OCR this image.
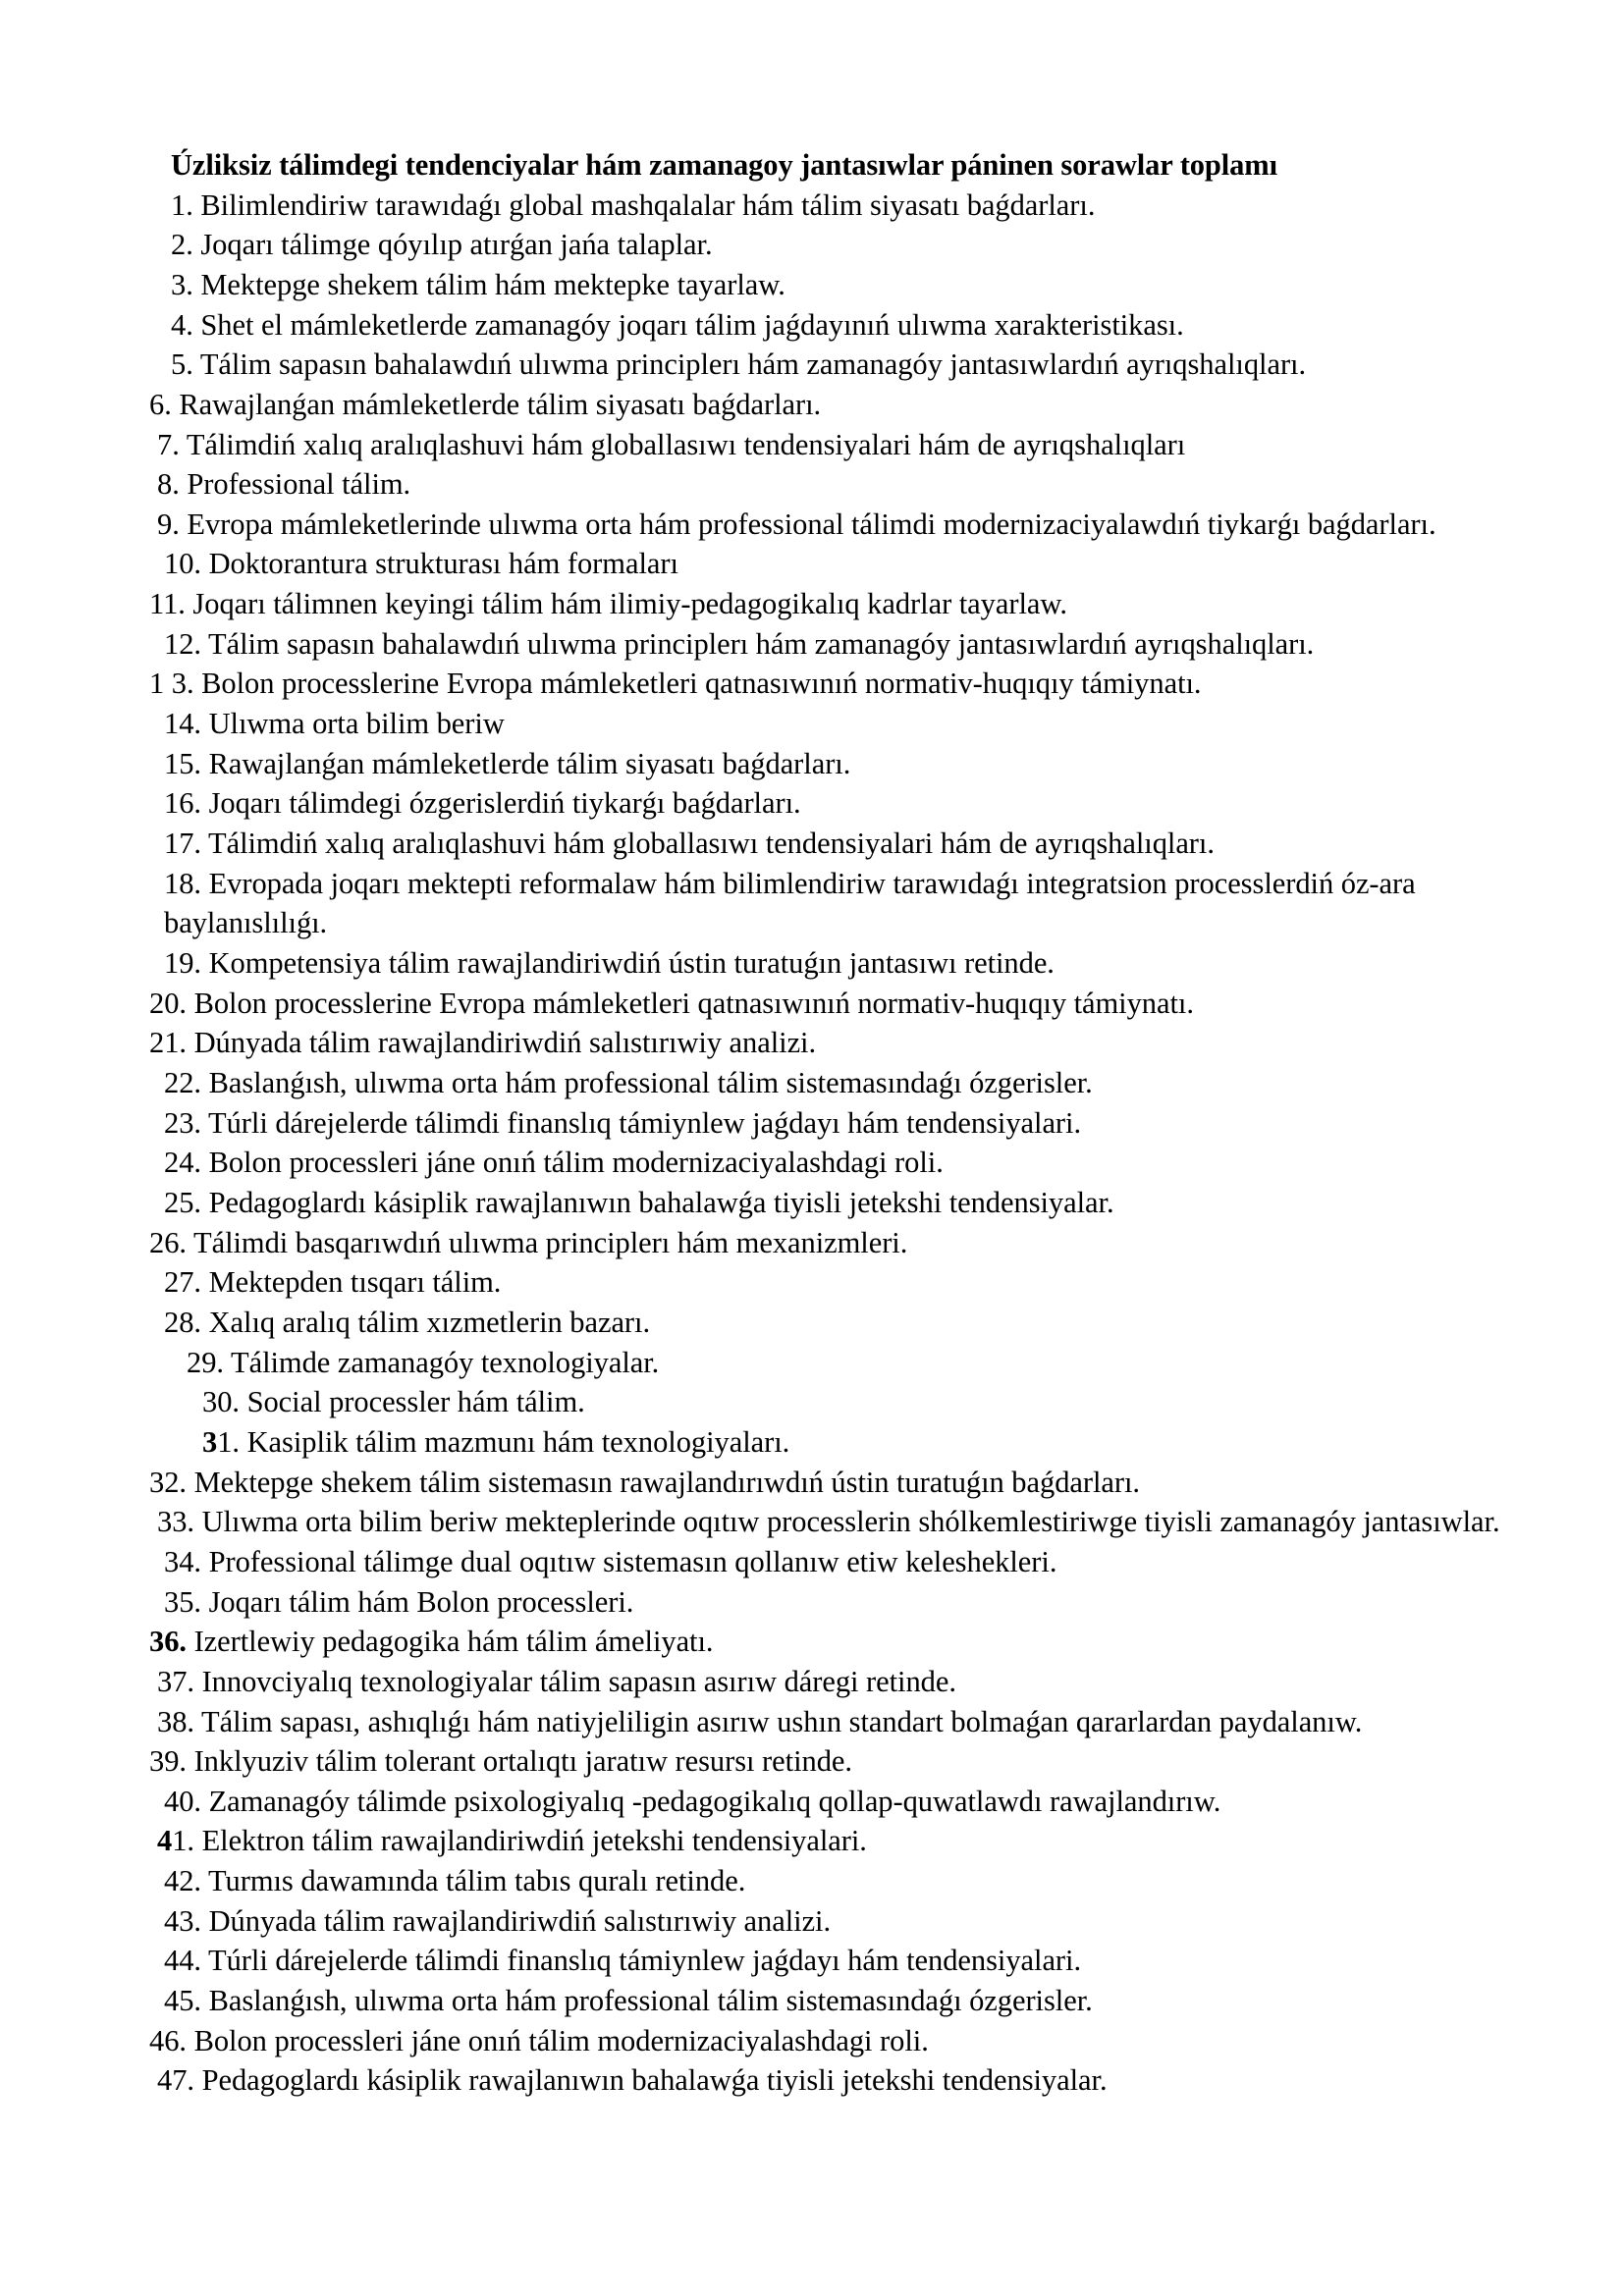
Úzliksiz tálimdegi tendenciyalar hám zamanagoy jantasıwlar páninen sorawlar toplamı
1. Bilimlendiriw tarawıdaǵı global mashqalalar hám tálim siyasatı baǵdarları.
2. Joqarı tálimge qóyılıp atırǵan jańa talaplar.
3. Mektepge shekem tálim hám mektepke tayarlaw.
4. Shet el mámleketlerde zamanagóy joqarı tálim jaǵdayınıń ulıwma xarakteristikası.
5. Tálim sapasın bahalawdıń ulıwma principlerı hám zamanagóy jantasıwlardıń ayrıqshalıqları.
6. Rawajlanǵan mámleketlerde tálim siyasatı baǵdarları.
7. Tálimdiń xalıq aralıqlashuvi hám globallasıwı tendensiyalari hám de ayrıqshalıqları
8. Professional tálim.
9. Evropa mámleketlerinde ulıwma orta hám professional tálimdi modernizaciyalawdıń tiykarǵı baǵdarları.
10. Doktorantura strukturası hám formaları
11. Joqarı tálimnen keyingi tálim hám ilimiy-pedagogikalıq kadrlar tayarlaw.
12. Tálim sapasın bahalawdıń ulıwma principlerı hám zamanagóy jantasıwlardıń ayrıqshalıqları.
1 3. Bolon processlerine Evropa mámleketleri qatnasıwınıń normativ-huqıqıy támiynatı.
14. Ulıwma orta bilim beriw
15. Rawajlanǵan mámleketlerde tálim siyasatı baǵdarları.
16. Joqarı tálimdegi ózgerislerdiń tiykarǵı baǵdarları.
17. Tálimdiń xalıq aralıqlashuvi hám globallasıwı tendensiyalari hám de ayrıqshalıqları.
18. Evropada joqarı mektepti reformalaw hám bilimlendiriw tarawıdaǵı integratsion processlerdiń óz-ara baylanıslılıǵı.
19. Kompetensiya tálim rawajlandiriwdiń ústin turatuǵın jantasıwı retinde.
20. Bolon processlerine Evropa mámleketleri qatnasıwınıń normativ-huqıqıy támiynatı.
21. Dúnyada tálim rawajlandiriwdiń salıstırıwiy analizi.
22. Baslanǵısh, ulıwma orta hám professional tálim sistemasındaǵı ózgerisler.
23. Túrli dárejelerde tálimdi finanslıq támiynlew jaǵdayı hám tendensiyalari.
24. Bolon processleri jáne onıń tálim modernizaciyalashdagi roli.
25. Pedagoglardı kásiplik rawajlanıwın bahalawǵa tiyisli jetekshi tendensiyalar.
26. Tálimdi basqarıwdıń ulıwma principlerı hám mexanizmleri.
27. Mektepden tısqarı tálim.
28. Xalıq aralıq tálim xızmetlerin bazarı.
29. Tálimde zamanagóy texnologiyalar.
30. Social processler hám tálim.
31. Kasiplik tálim mazmunı hám texnologiyaları.
32. Mektepge shekem tálim sistemasın rawajlandırıwdıń ústin turatuǵın baǵdarları.
33. Ulıwma orta bilim beriw mekteplerinde oqıtıw processlerin shólkemlestiriwge tiyisli zamanagóy jantasıwlar.
34. Professional tálimge dual oqıtıw sistemasın qollanıw etiw keleshekleri.
35. Joqarı tálim hám Bolon processleri.
36. Izertlewiy pedagogika hám tálim ámeliyatı.
37. Innovciyalıq texnologiyalar tálim sapasın asırıw dáregi retinde.
38. Tálim sapası, ashıqlıǵı hám natiyjeliligin asırıw ushın standart bolmaǵan qararlardan paydalanıw.
39. Inklyuziv tálim tolerant ortalıqtı jaratıw resursı retinde.
40. Zamanagóy tálimde psixologiyalıq -pedagogikalıq qollap-quwatlawdı rawajlandırıw.
41. Elektron tálim rawajlandiriwdiń jetekshi tendensiyalari.
42. Turmıs dawamında tálim tabıs quralı retinde.
43. Dúnyada tálim rawajlandiriwdiń salıstırıwiy analizi.
44. Túrli dárejelerde tálimdi finanslıq támiynlew jaǵdayı hám tendensiyalari.
45. Baslanǵısh, ulıwma orta hám professional tálim sistemasındaǵı ózgerisler.
46. Bolon processleri jáne onıń tálim modernizaciyalashdagi roli.
47. Pedagoglardı kásiplik rawajlanıwın bahalawǵa tiyisli jetekshi tendensiyalar.
